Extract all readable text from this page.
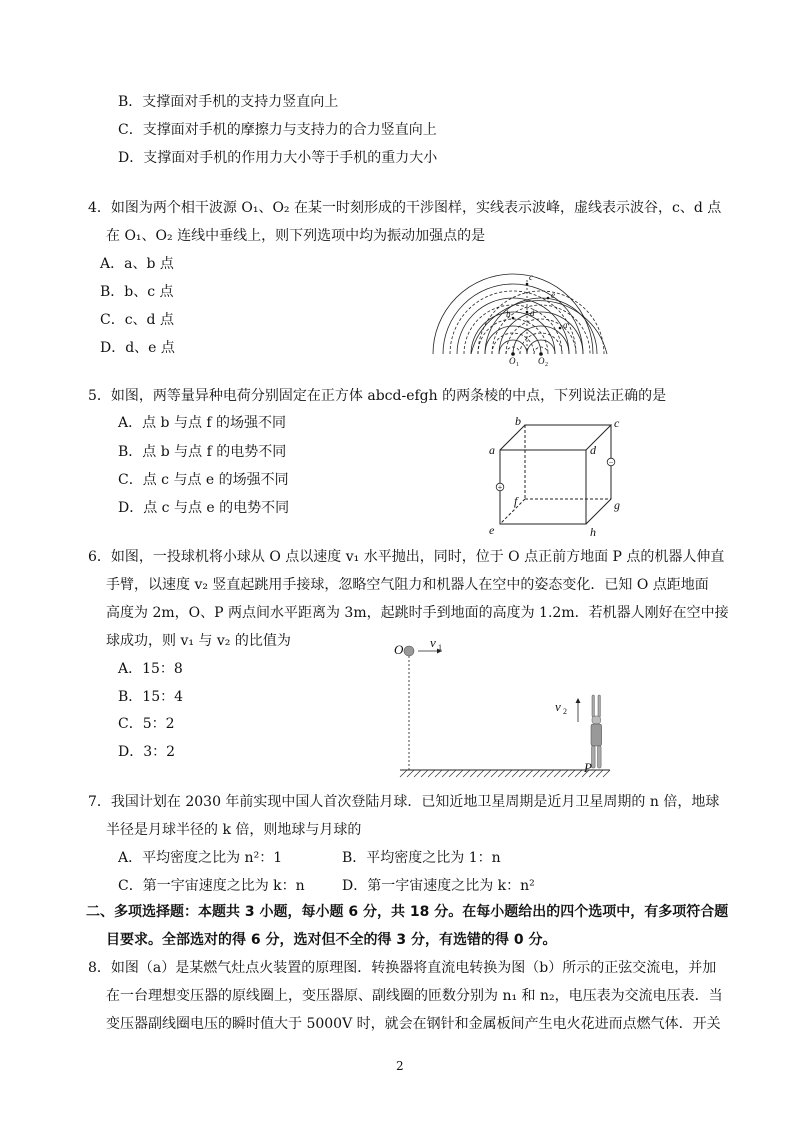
B．支撑面对手机的支持力竖直向上
C．支撑面对手机的摩擦力与支持力的合力竖直向上
D．支撑面对手机的作用力大小等于手机的重力大小
4．如图为两个相干波源 O₁、O₂ 在某一时刻形成的干涉图样，实线表示波峰，虚线表示波谷，c、d 点
在 O₁、O₂ 连线中垂线上，则下列选项中均为振动加强点的是
A．a、b 点
B．b、c 点
C．c、d 点
D．d、e 点
c
e
d
b
a
O 1 O 2
5．如图，两等量异种电荷分别固定在正方体 abcd-efgh 的两条棱的中点，下列说法正确的是
A．点 b 与点 f 的场强不同
B．点 b 与点 f 的电势不同
C．点 c 与点 e 的场强不同
D．点 c 与点 e 的电势不同
+
−
a
b	c
d
e
f	g
h
6．如图，一投球机将小球从 O 点以速度 v₁ 水平抛出，同时，位于 O 点正前方地面 P 点的机器人伸直
手臂，以速度 v₂ 竖直起跳用手接球，忽略空气阻力和机器人在空中的姿态变化．已知 O 点距地面
高度为 2m，O、P 两点间水平距离为 3m，起跳时手到地面的高度为 1.2m．若机器人刚好在空中接
球成功，则 v₁ 与 v₂ 的比值为
A．15：8
B．15：4
C．5：2
D．3：2
O v 1
v 2
P
7．我国计划在 2030 年前实现中国人首次登陆月球．已知近地卫星周期是近月卫星周期的 n 倍，地球
半径是月球半径的 k 倍，则地球与月球的
A．平均密度之比为 n²：1	B．平均密度之比为 1：n
C．第一宇宙速度之比为 k：n	D．第一宇宙速度之比为 k：n²
二、多项选择题：本题共 3 小题，每小题 6 分，共 18 分。在每小题给出的四个选项中，有多项符合题
目要求。全部选对的得 6 分，选对但不全的得 3 分，有选错的得 0 分。
8．如图（a）是某燃气灶点火装置的原理图．转换器将直流电转换为图（b）所示的正弦交流电，并加
在一台理想变压器的原线圈上，变压器原、副线圈的匝数分别为 n₁ 和 n₂，电压表为交流电压表．当
变压器副线圈电压的瞬时值大于 5000V 时，就会在钢针和金属板间产生电火花进而点燃气体．开关
2
